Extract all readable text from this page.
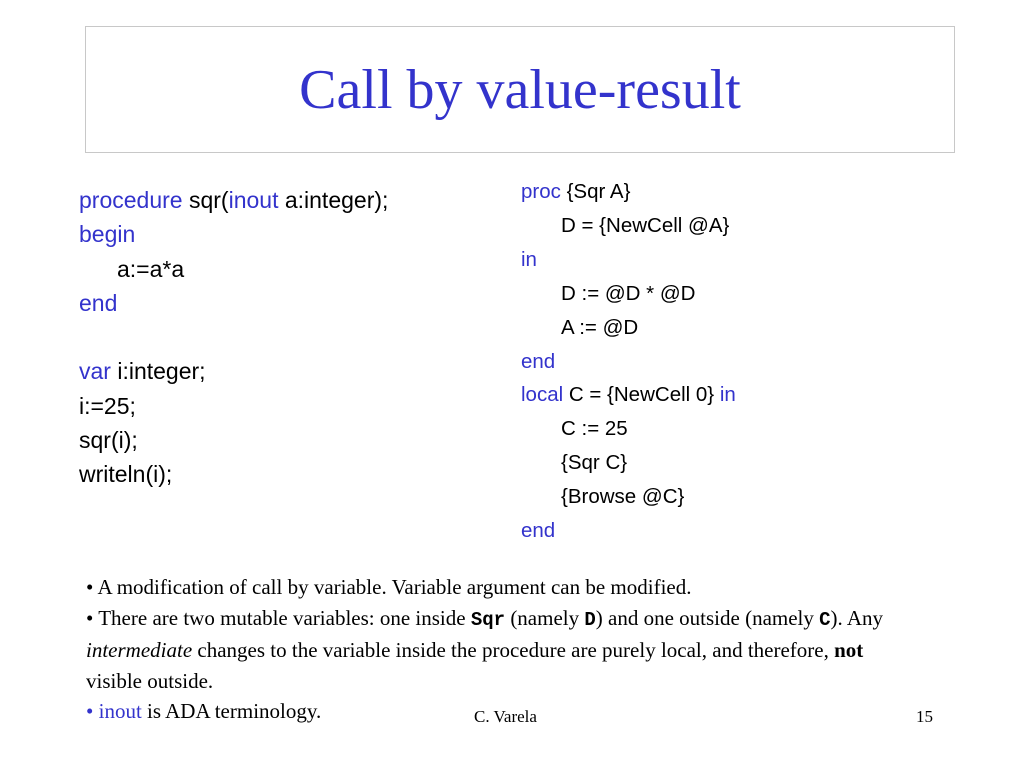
Call by value-result
procedure sqr(inout a:integer);
begin
a:=a*a
end

var i:integer;
i:=25;
sqr(i);
writeln(i);
proc {Sqr A}
D = {NewCell @A}
in
D := @D * @D
A := @D
end
local C = {NewCell 0} in
C := 25
{Sqr C}
{Browse @C}
end

• A modification of call by variable. Variable argument can be modified.

• There are two mutable variables: one inside Sqr (namely D) and one outside (namely C). Any intermediate changes to the variable inside the procedure are purely local, and therefore, not visible outside.

• inout is ADA terminology.	C. Varela	15
